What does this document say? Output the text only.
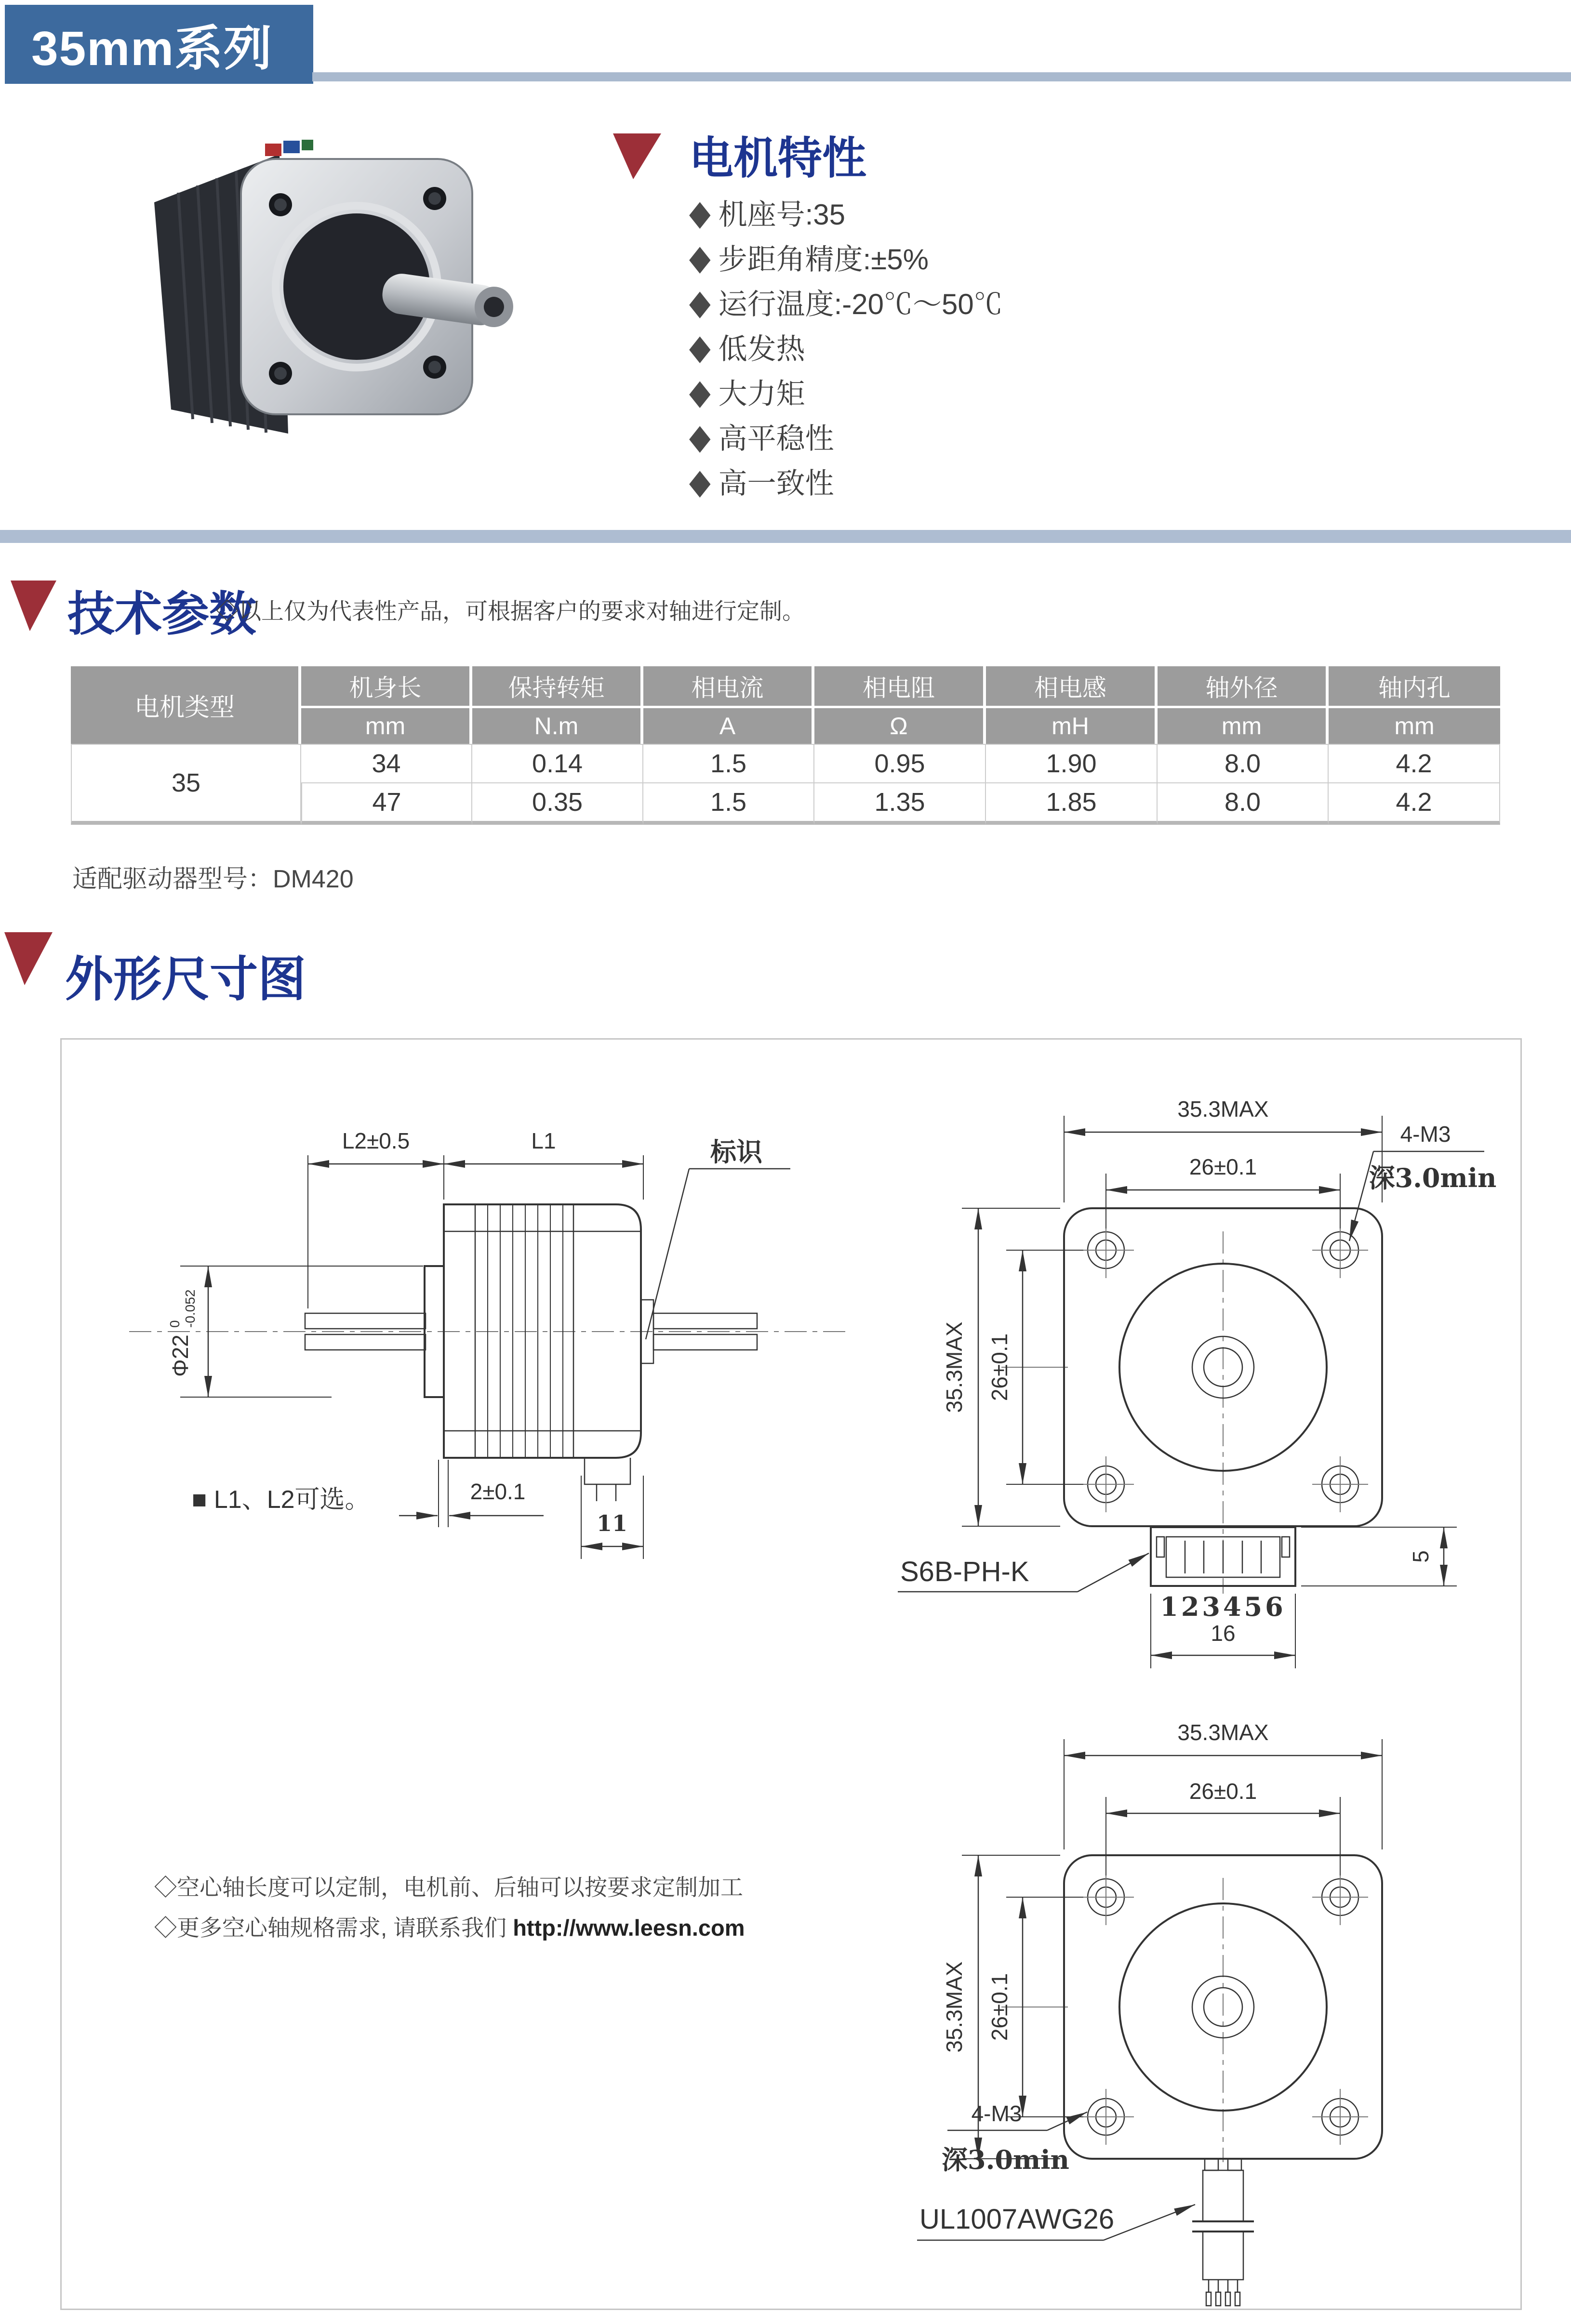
35mm系列
电机特性
◆ 机座号:35
◆ 步距角精度:±5%
◆ 运行温度:-20℃～50℃
◆ 低发热
◆ 大力矩
◆ 高平稳性
◆ 高一致性
技术参数
◇以上仅为代表性产品，可根据客户的要求对轴进行定制。
电机类型	机身长	保持转矩	相电流	相电阻	相电感	轴外径	轴内孔
	mm	N.m	A	Ω	mH	mm	mm
35	34	0.14	1.5	0.95	1.90	8.0	4.2
	47	0.35	1.5	1.35	1.85	8.0	4.2
适配驱动器型号：DM420
外形尺寸图
L2±0.5	L1	标识
Φ22
0 -0.052
2±0.1
11
■ L1、L2可选。
35.3MAX
26±0.1
35.3MAX 26±0.1
4-M3
深3.0min
123456
S6B-PH-K
16
5
35.3MAX
26±0.1
35.3MAX 26±0.1
4-M3
深3.0min
UL1007AWG26
◇空心轴长度可以定制，电机前、后轴可以按要求定制加工
◇更多空心轴规格需求, 请联系我们 http://www.leesn.com
